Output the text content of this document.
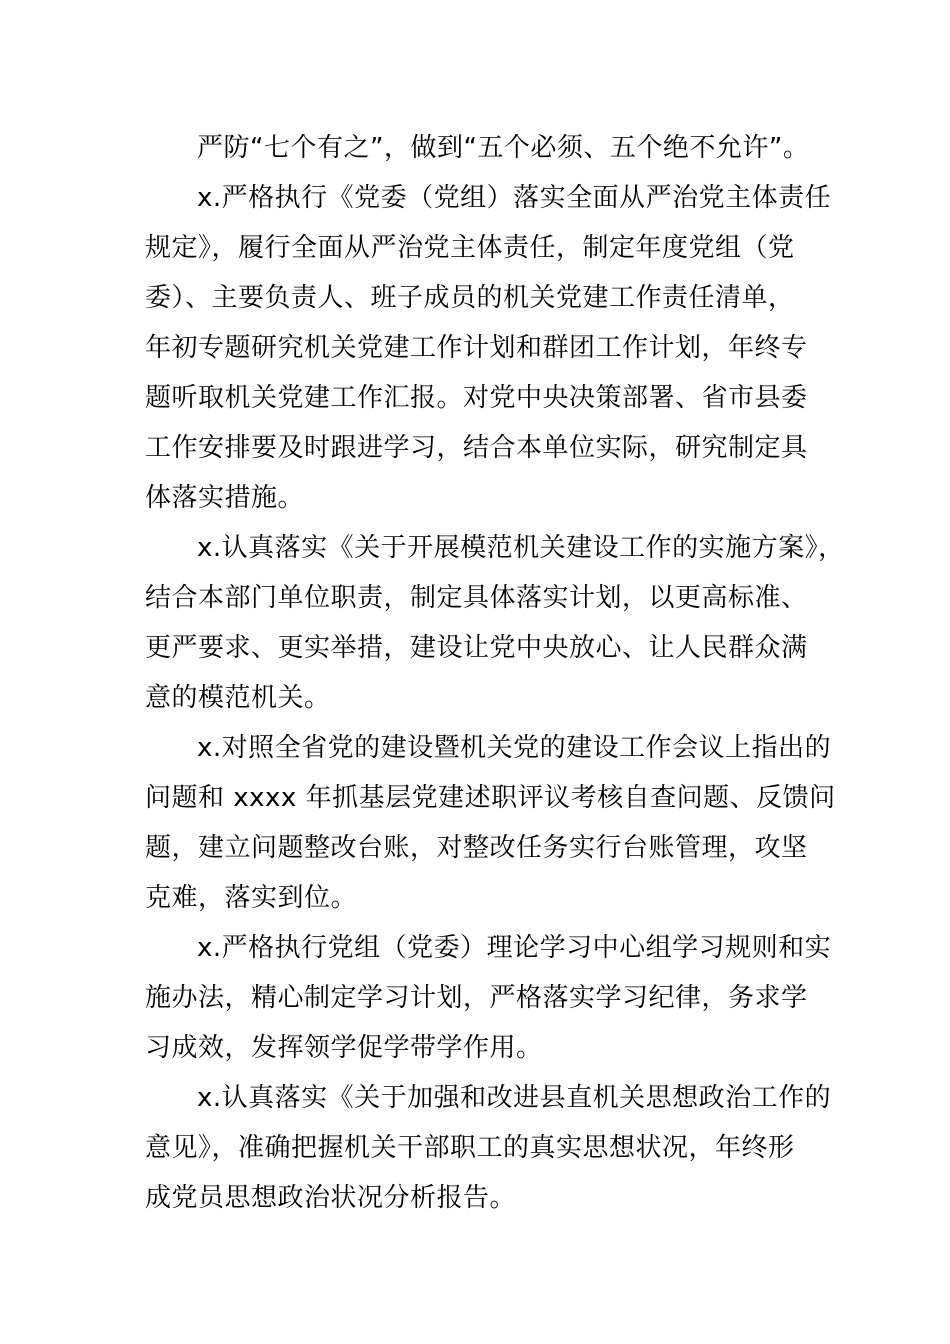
严防“七个有之”，做到“五个必须、五个绝不允许”。
x.严格执行《党委（党组）落实全面从严治党主体责任
规定》，履行全面从严治党主体责任，制定年度党组（党
委）、主要负责人、班子成员的机关党建工作责任清单，
年初专题研究机关党建工作计划和群团工作计划，年终专
题听取机关党建工作汇报。对党中央决策部署、省市县委
工作安排要及时跟进学习，结合本单位实际，研究制定具
体落实措施。
x.认真落实《关于开展模范机关建设工作的实施方案》，
结合本部门单位职责，制定具体落实计划，以更高标准、
更严要求、更实举措，建设让党中央放心、让人民群众满
意的模范机关。
x.对照全省党的建设暨机关党的建设工作会议上指出的
问题和 xxxx 年抓基层党建述职评议考核自查问题、反馈问
题，建立问题整改台账，对整改任务实行台账管理，攻坚
克难，落实到位。
x.严格执行党组（党委）理论学习中心组学习规则和实
施办法，精心制定学习计划，严格落实学习纪律，务求学
习成效，发挥领学促学带学作用。
x.认真落实《关于加强和改进县直机关思想政治工作的
意见》，准确把握机关干部职工的真实思想状况，年终形
成党员思想政治状况分析报告。
